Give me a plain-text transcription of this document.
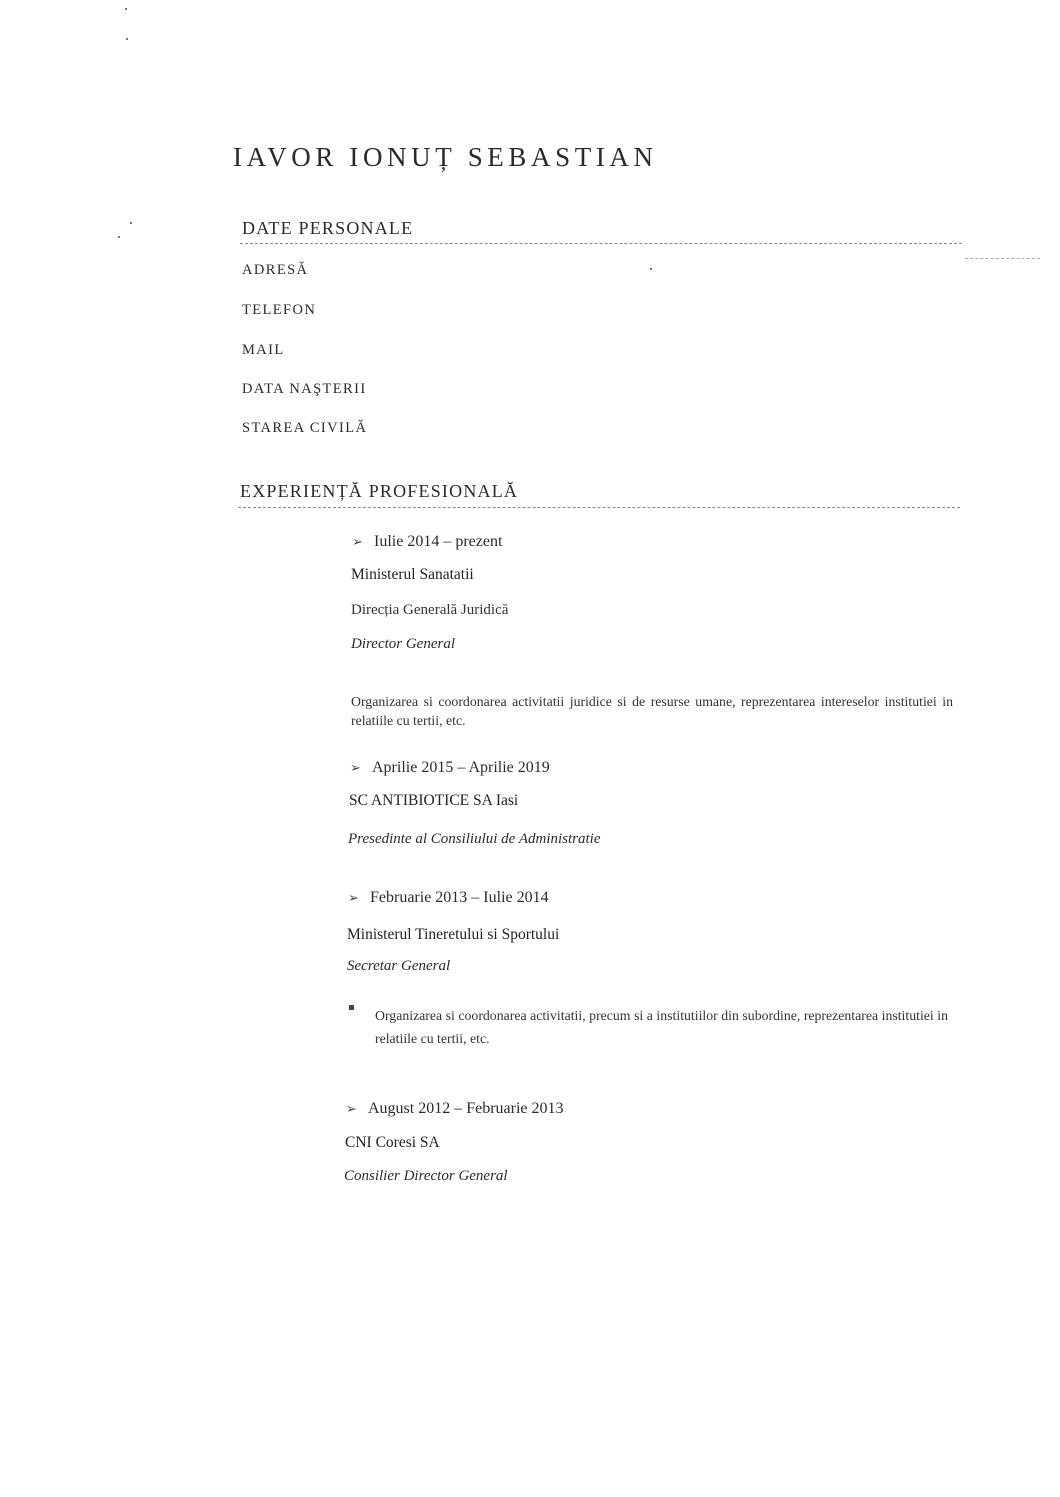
IAVOR IONUȚ SEBASTIAN
DATE PERSONALE

ADRESĂ

TELEFON

MAIL

DATA NAŞTERII

STAREA CIVILĂ

EXPERIENȚĂ PROFESIONALĂ
➢ Iulie 2014 – prezent
Ministerul Sanatatii
Direcția Generală Juridică
Director General

Organizarea si coordonarea activitatii juridice si de resurse umane, reprezentarea intereselor institutiei in relatiile cu tertii, etc.

➢ Aprilie 2015 – Aprilie 2019
SC ANTIBIOTICE SA Iasi
Presedinte al Consiliului de Administratie
➢ Februarie 2013 – Iulie 2014
Ministerul Tineretului si Sportului
Secretar General

Organizarea si coordonarea activitatii, precum si a institutiilor din subordine, reprezentarea institutiei in relatiile cu tertii, etc.

➢ August 2012 – Februarie 2013
CNI Coresi SA
Consilier Director General
